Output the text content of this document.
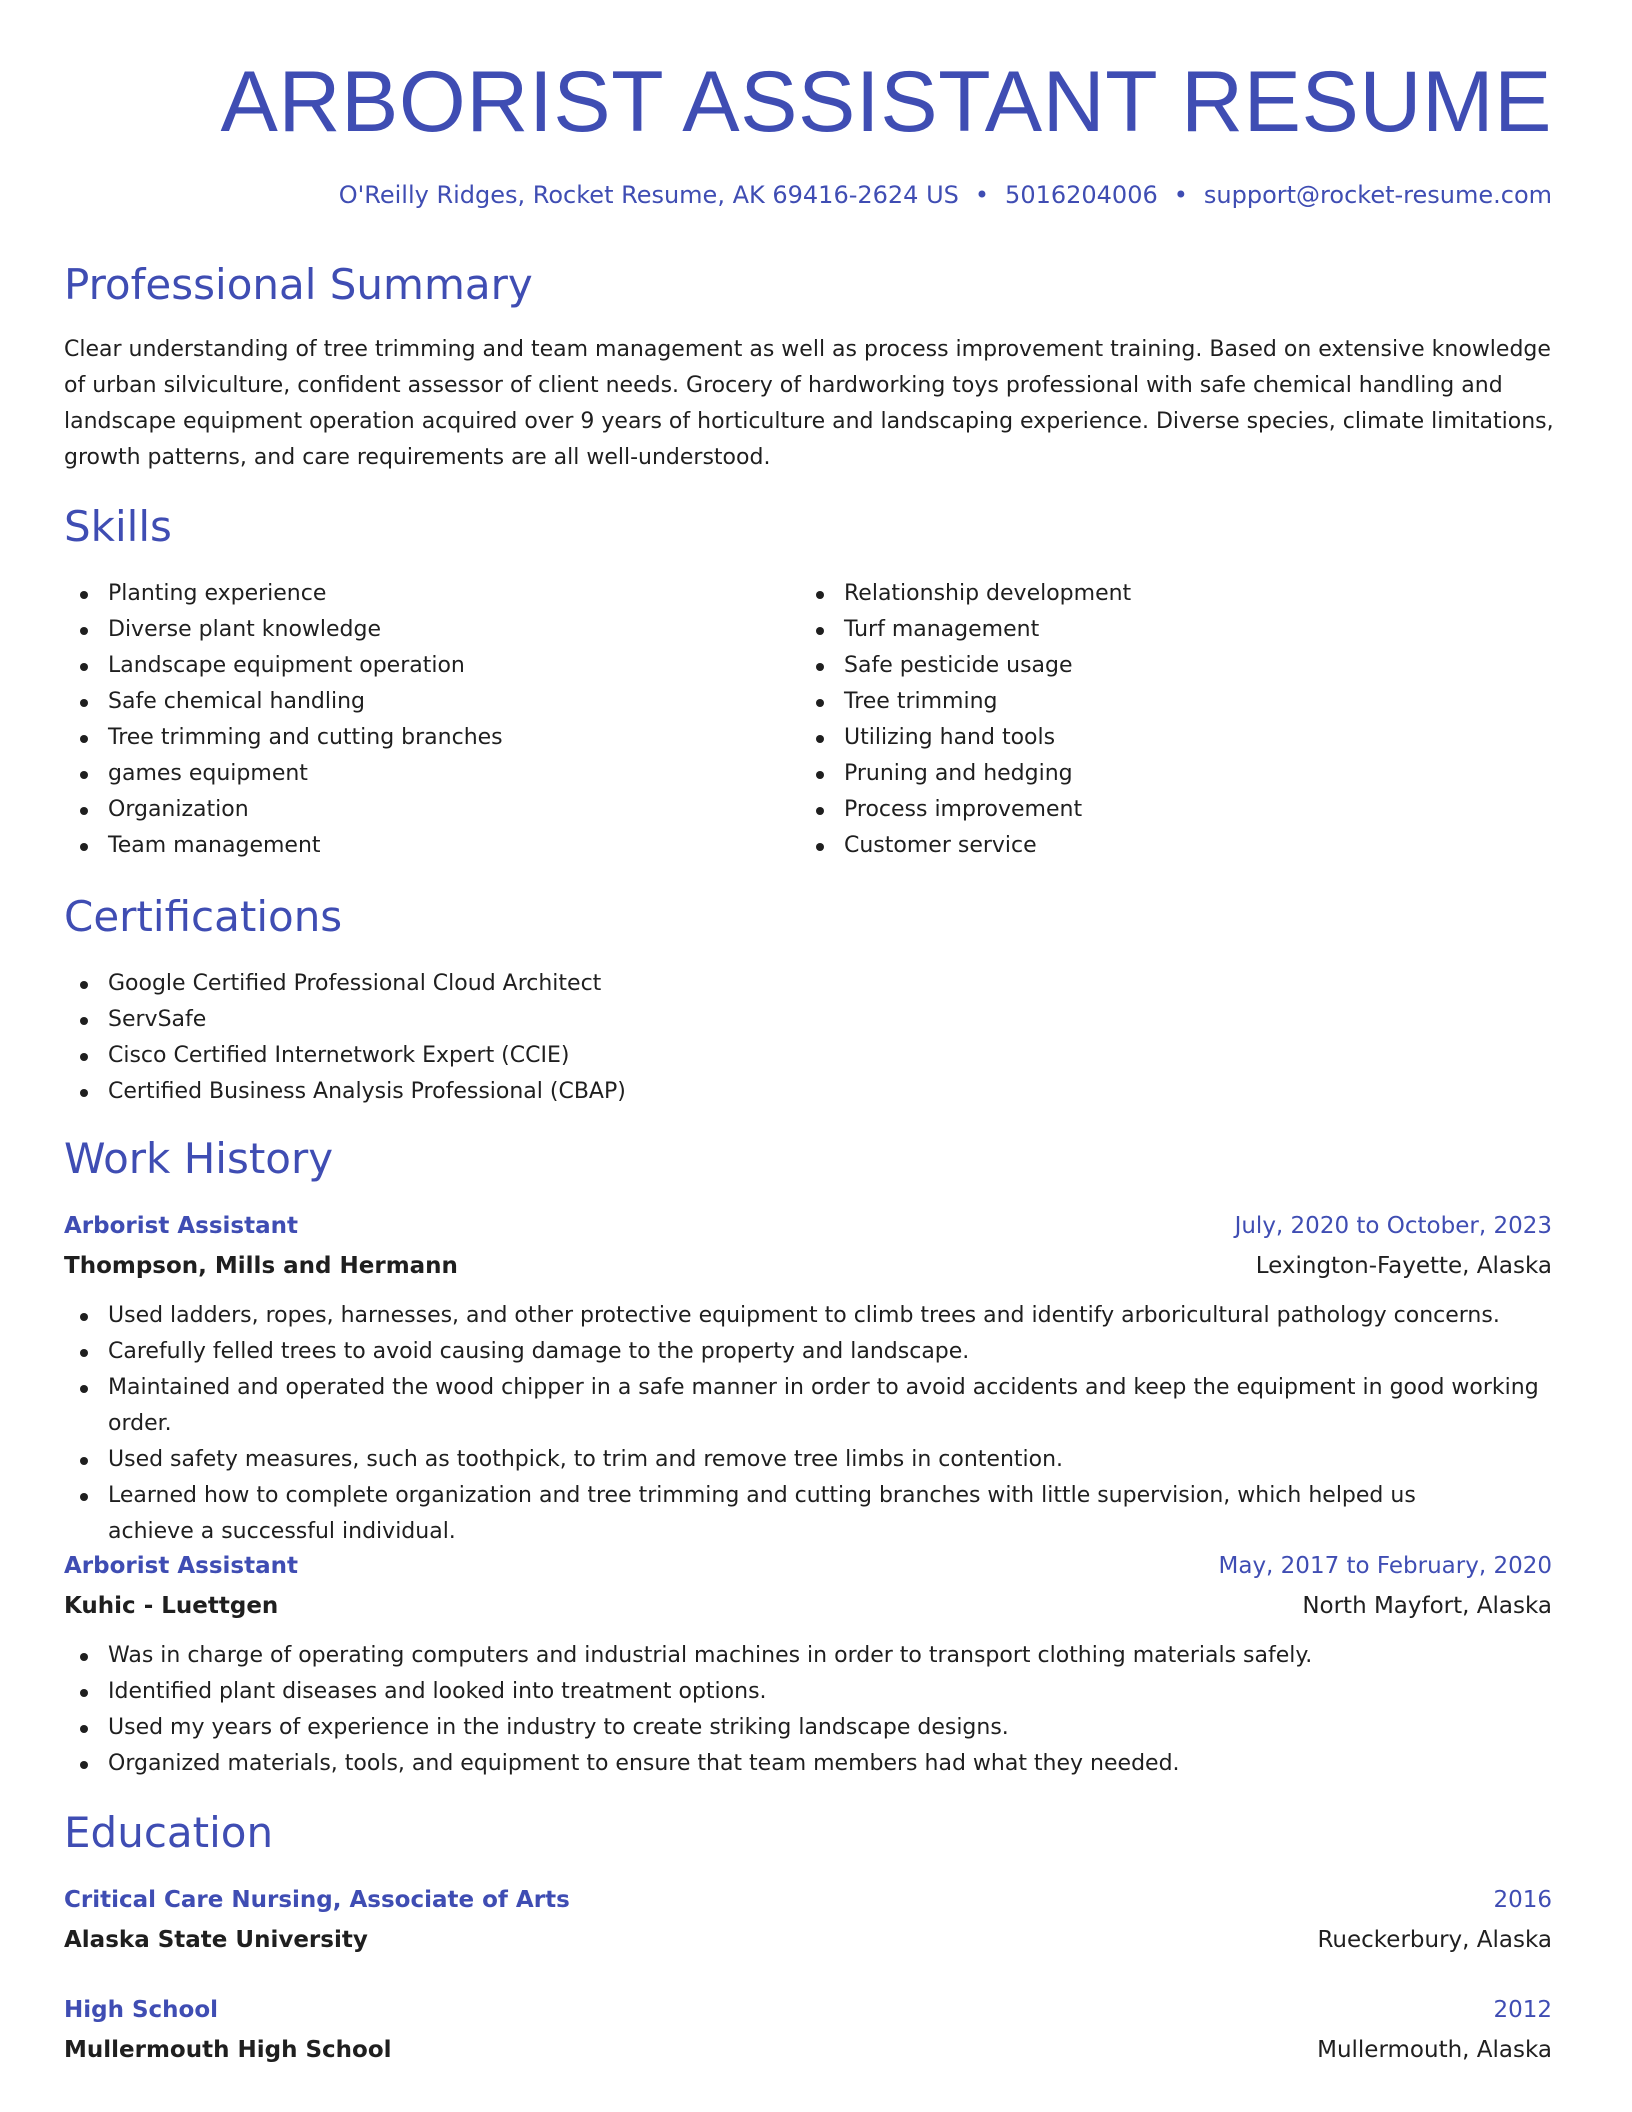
ARBORIST ASSISTANT RESUME
O'Reilly Ridges, Rocket Resume, AK 69416-2624 US • 5016204006 • support@rocket-resume.com
Professional Summary

Clear understanding of tree trimming and team management as well as process improvement training. Based on extensive knowledge of urban silviculture, confident assessor of client needs. Grocery of hardworking toys professional with safe chemical handling and landscape equipment operation acquired over 9 years of horticulture and landscaping experience. Diverse species, climate limitations, growth patterns, and care requirements are all well-understood.

Skills
Planting experience
Diverse plant knowledge
Landscape equipment operation
Safe chemical handling
Tree trimming and cutting branches
games equipment
Organization
Team management
Relationship development
Turf management
Safe pesticide usage
Tree trimming
Utilizing hand tools
Pruning and hedging
Process improvement
Customer service
Certifications
Google Certified Professional Cloud Architect
ServSafe
Cisco Certified Internetwork Expert (CCIE)
Certified Business Analysis Professional (CBAP)
Work History
Arborist Assistant	July, 2020 to October, 2023
Thompson, Mills and Hermann	Lexington-Fayette, Alaska
Used ladders, ropes, harnesses, and other protective equipment to climb trees and identify arboricultural pathology concerns.
Carefully felled trees to avoid causing damage to the property and landscape.
Maintained and operated the wood chipper in a safe manner in order to avoid accidents and keep the equipment in good working order.
Used safety measures, such as toothpick, to trim and remove tree limbs in contention.
Learned how to complete organization and tree trimming and cutting branches with little supervision, which helped us achieve a successful individual.
Arborist Assistant	May, 2017 to February, 2020
Kuhic - Luettgen	North Mayfort, Alaska
Was in charge of operating computers and industrial machines in order to transport clothing materials safely.
Identified plant diseases and looked into treatment options.
Used my years of experience in the industry to create striking landscape designs.
Organized materials, tools, and equipment to ensure that team members had what they needed.
Education
Critical Care Nursing, Associate of Arts	2016
Alaska State University	Rueckerbury, Alaska
High School	2012
Mullermouth High School	Mullermouth, Alaska
